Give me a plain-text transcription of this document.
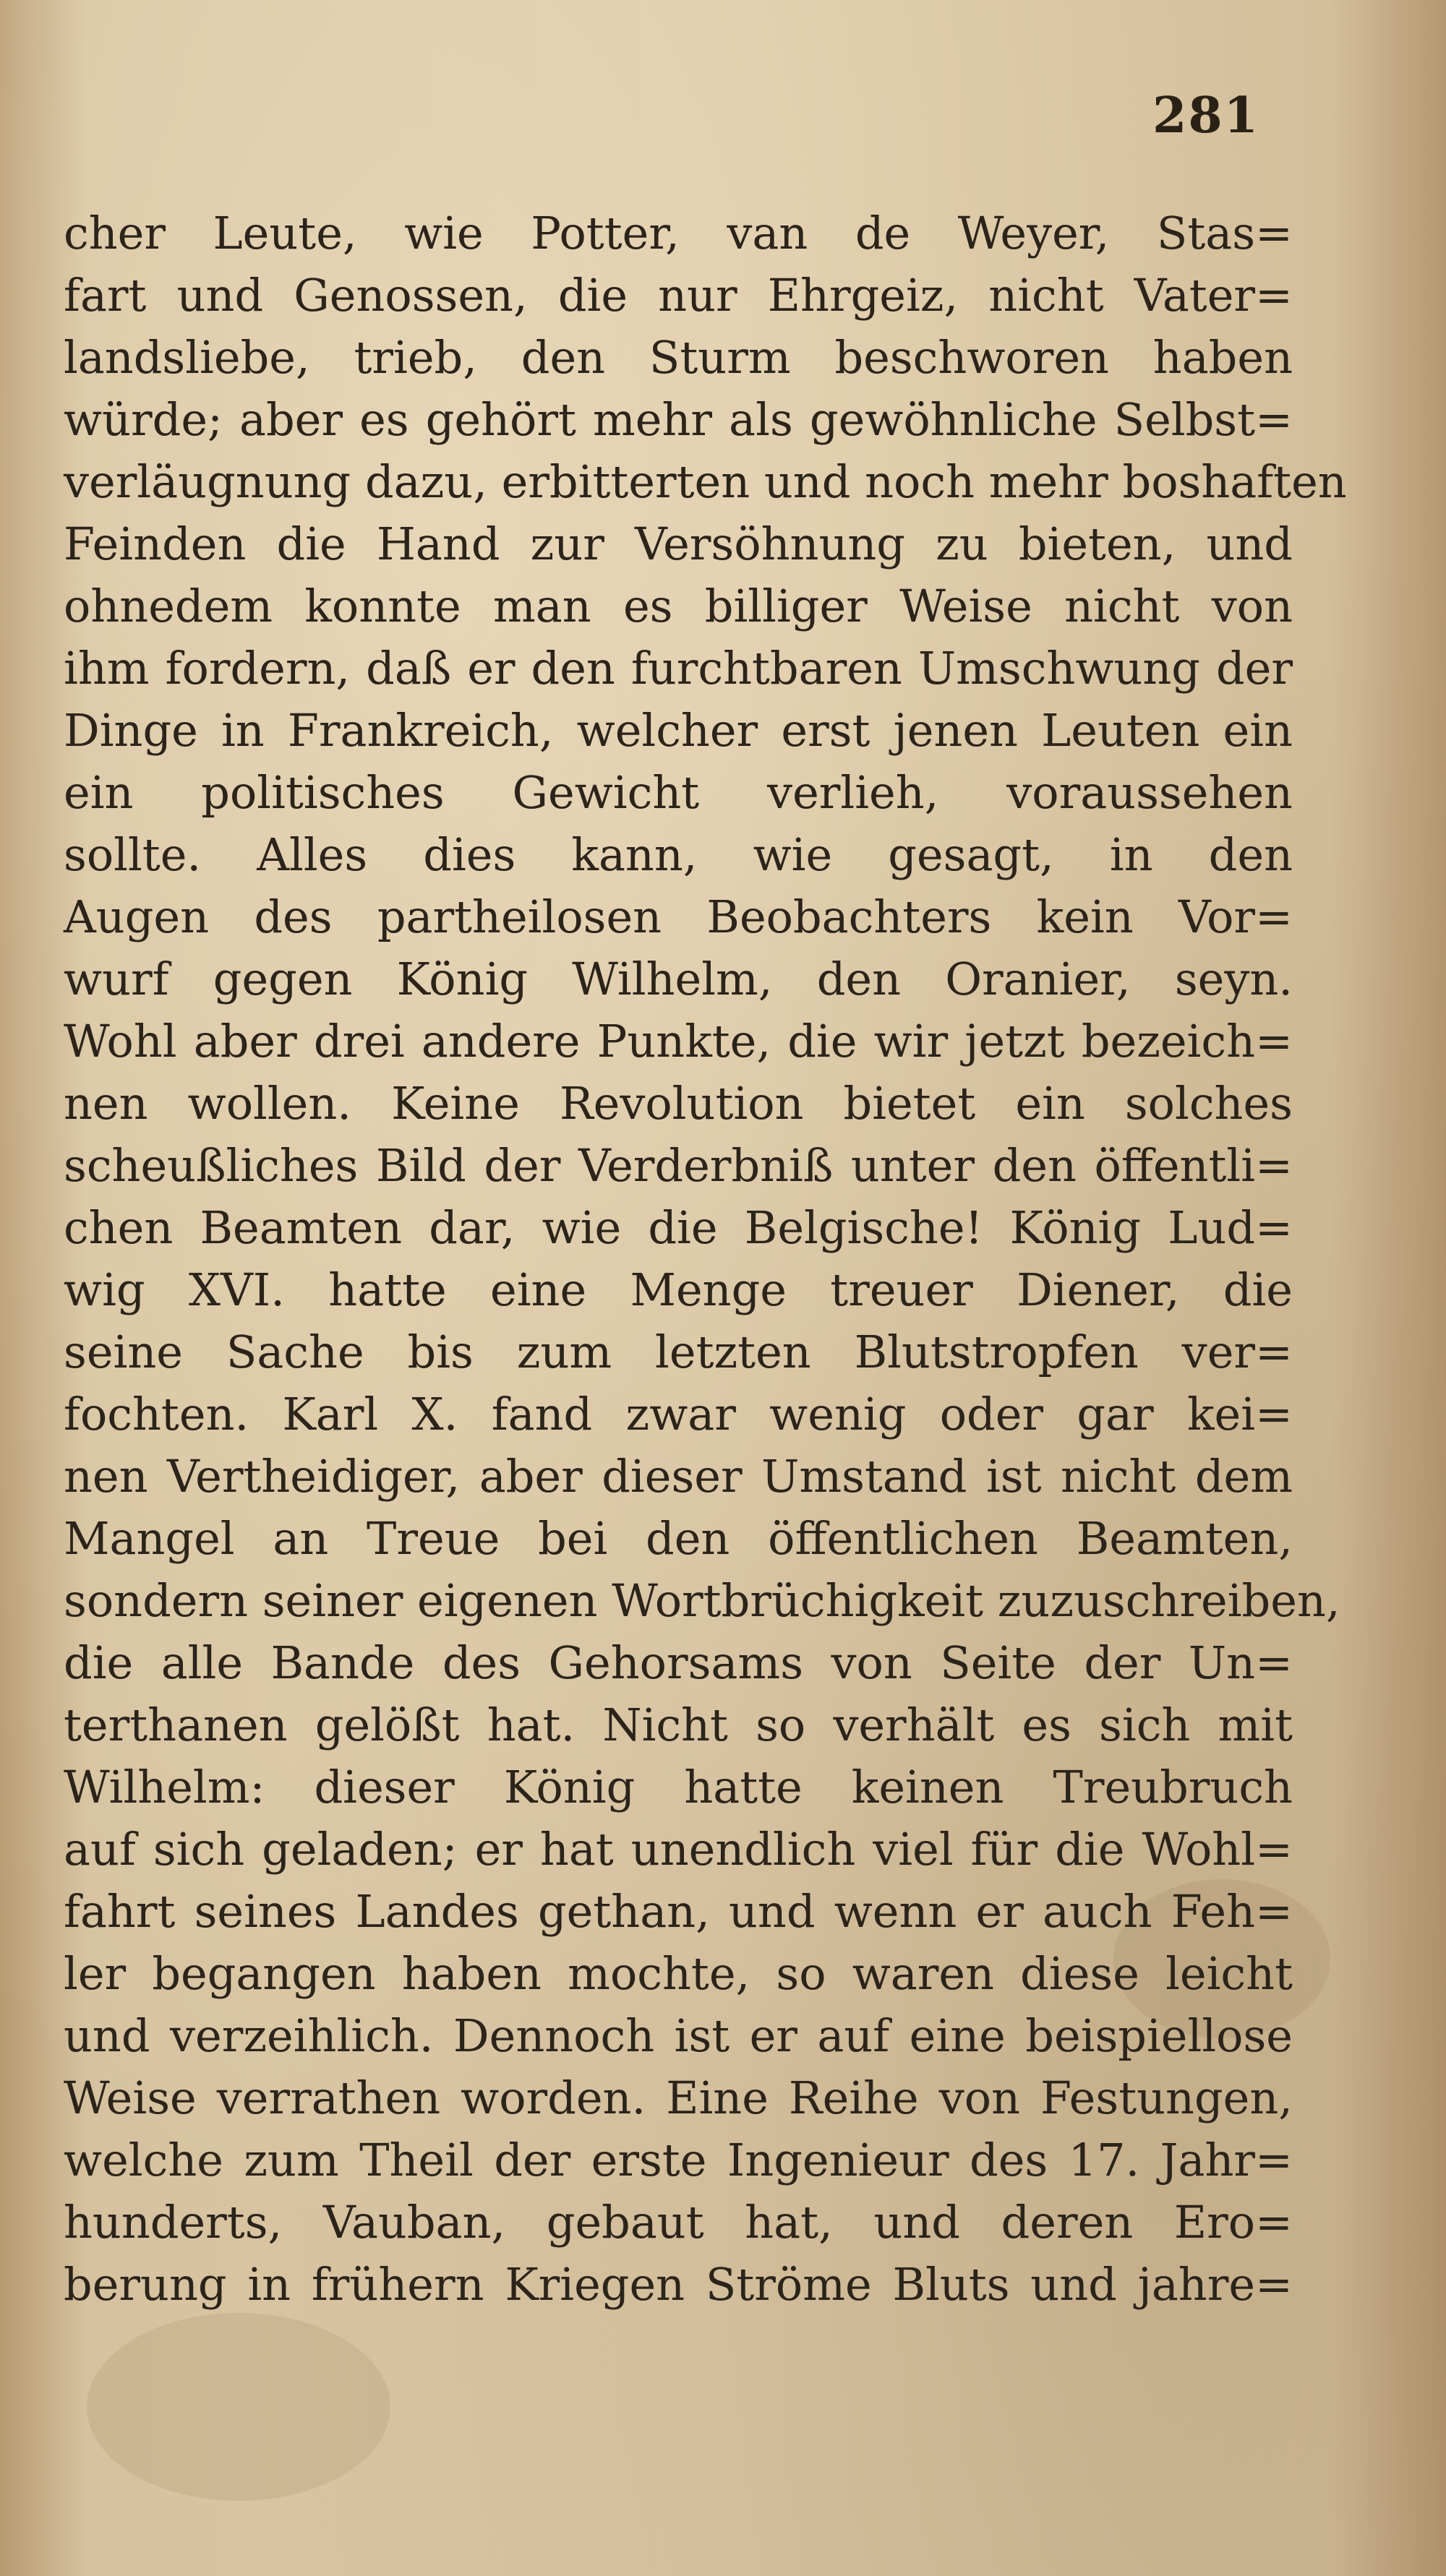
281
cher Leute, wie Potter, van de Weyer, Stas=
fart und Genossen, die nur Ehrgeiz, nicht Vater=
landsliebe, trieb, den Sturm beschworen haben
würde; aber es gehört mehr als gewöhnliche Selbst=
verläugnung dazu, erbitterten und noch mehr boshaften
Feinden die Hand zur Versöhnung zu bieten, und
ohnedem konnte man es billiger Weise nicht von
ihm fordern, daß er den furchtbaren Umschwung der
Dinge in Frankreich, welcher erst jenen Leuten ein
ein politisches Gewicht verlieh, voraussehen
sollte. Alles dies kann, wie gesagt, in den
Augen des partheilosen Beobachters kein Vor=
wurf gegen König Wilhelm, den Oranier, seyn.
Wohl aber drei andere Punkte, die wir jetzt bezeich=
nen wollen. Keine Revolution bietet ein solches
scheußliches Bild der Verderbniß unter den öffentli=
chen Beamten dar, wie die Belgische! König Lud=
wig XVI. hatte eine Menge treuer Diener, die
seine Sache bis zum letzten Blutstropfen ver=
fochten. Karl X. fand zwar wenig oder gar kei=
nen Vertheidiger, aber dieser Umstand ist nicht dem
Mangel an Treue bei den öffentlichen Beamten,
sondern seiner eigenen Wortbrüchigkeit zuzuschreiben,
die alle Bande des Gehorsams von Seite der Un=
terthanen gelößt hat. Nicht so verhält es sich mit
Wilhelm: dieser König hatte keinen Treubruch
auf sich geladen; er hat unendlich viel für die Wohl=
fahrt seines Landes gethan, und wenn er auch Feh=
ler begangen haben mochte, so waren diese leicht
und verzeihlich. Dennoch ist er auf eine beispiellose
Weise verrathen worden. Eine Reihe von Festungen,
welche zum Theil der erste Ingenieur des 17. Jahr=
hunderts, Vauban, gebaut hat, und deren Ero=
berung in frühern Kriegen Ströme Bluts und jahre=
